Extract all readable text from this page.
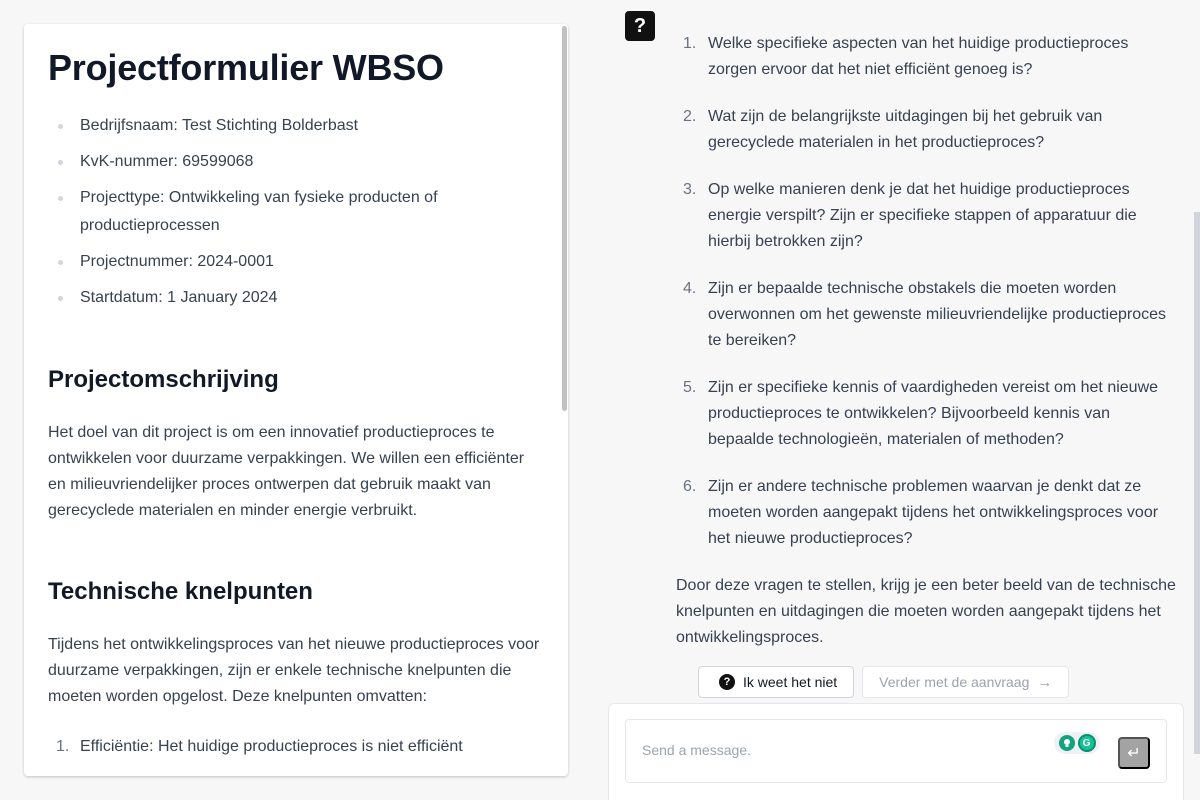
Projectformulier WBSO
Bedrijfsnaam: Test Stichting Bolderbast
KvK-nummer: 69599068
Projecttype: Ontwikkeling van fysieke producten of productieprocessen
Projectnummer: 2024-0001
Startdatum: 1 January 2024
Projectomschrijving

Het doel van dit project is om een innovatief productieproces te ontwikkelen voor duurzame verpakkingen. We willen een efficiënter en milieuvriendelijker proces ontwerpen dat gebruik maakt van gerecyclede materialen en minder energie verbruikt.

Technische knelpunten

Tijdens het ontwikkelingsproces van het nieuwe productieproces voor duurzame verpakkingen, zijn er enkele technische knelpunten die moeten worden opgelost. Deze knelpunten omvatten:

1. Efficiëntie: Het huidige productieproces is niet efficiënt
?
1. Welke specifieke aspecten van het huidige productieproces zorgen ervoor dat het niet efficiënt genoeg is?
2. Wat zijn de belangrijkste uitdagingen bij het gebruik van gerecyclede materialen in het productieproces?
3. Op welke manieren denk je dat het huidige productieproces energie verspilt? Zijn er specifieke stappen of apparatuur die hierbij betrokken zijn?
4. Zijn er bepaalde technische obstakels die moeten worden overwonnen om het gewenste milieuvriendelijke productieproces te bereiken?
5. Zijn er specifieke kennis of vaardigheden vereist om het nieuwe productieproces te ontwikkelen? Bijvoorbeeld kennis van bepaalde technologieën, materialen of methoden?
6. Zijn er andere technische problemen waarvan je denkt dat ze moeten worden aangepakt tijdens het ontwikkelingsproces voor het nieuwe productieproces?

Door deze vragen te stellen, krijg je een beter beeld van de technische knelpunten en uitdagingen die moeten worden aangepakt tijdens het ontwikkelingsproces.

? Ik weet het niet	Verder met de aanvraag →
Send a message.
G
↵
